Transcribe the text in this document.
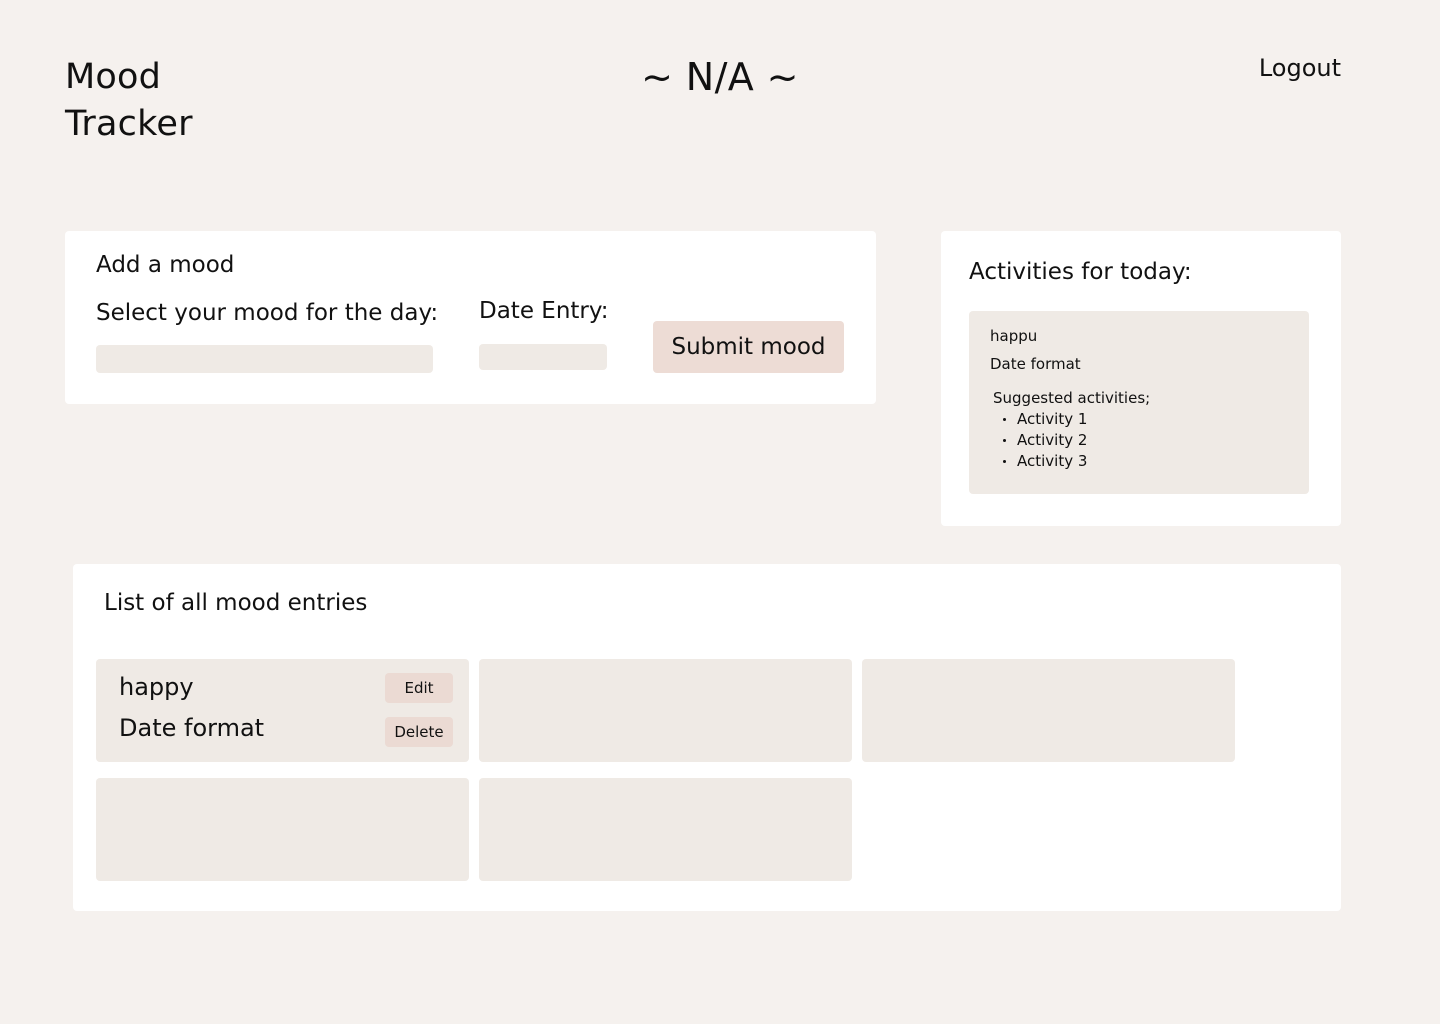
Mood
Tracker
~ N/A ~	Logout
Add a mood
Select your mood for the day: Date Entry:
Submit mood
Activities for today:
happu
Date format
Suggested activities;
Activity 1
Activity 2
Activity 3
List of all mood entries
happy
Date format
Edit
Delete
